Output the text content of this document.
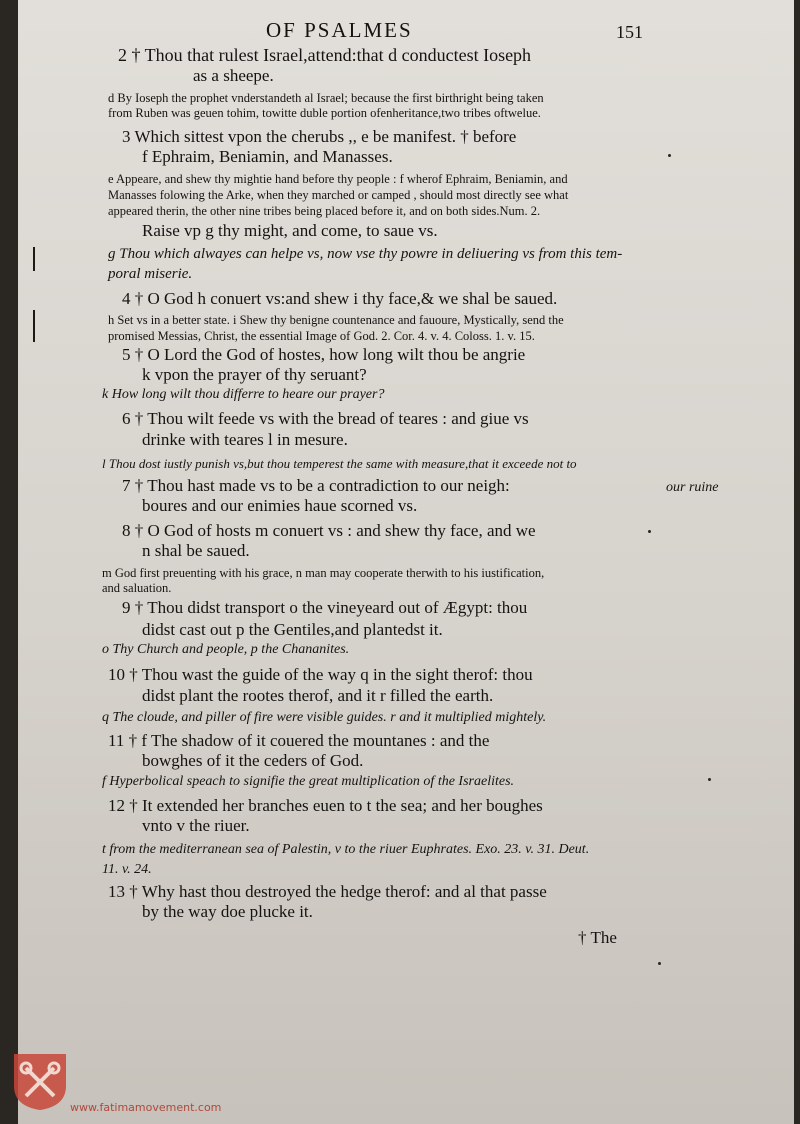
OF PSALMES	151
2 † Thou that rulest Israel,attend:that d conductest Ioseph
as a sheepe.
d By Ioseph the prophet vnderstandeth al Israel; because the first birthright being taken
from Ruben was geuen tohim, towitte duble portion ofenheritance,two tribes oftwelue.
3 Which sittest vpon the cherubs ,, e be manifest. † before
f Ephraim, Beniamin, and Manasses.
e Appeare, and shew thy mightie hand before thy people : f wherof Ephraim, Beniamin, and
Manasses folowing the Arke, when they marched or camped , should most directly see what
appeared therin, the other nine tribes being placed before it, and on both sides.Num. 2.
Raise vp g thy might, and come, to saue vs.
g Thou which alwayes can helpe vs, now vse thy powre in deliuering vs from this tem-
poral miserie.
4 † O God h conuert vs:and shew i thy face,& we shal be saued.
h Set vs in a better state. i Shew thy benigne countenance and fauoure, Mystically, send the
promised Messias, Christ, the essential Image of God. 2. Cor. 4. v. 4. Coloss. 1. v. 15.
5 † O Lord the God of hostes, how long wilt thou be angrie
k vpon the prayer of thy seruant?
k How long wilt thou differre to heare our prayer?
6 † Thou wilt feede vs with the bread of teares : and giue vs
drinke with teares l in mesure.
l Thou dost iustly punish vs,but thou temperest the same with measure,that it exceede not to
7 † Thou hast made vs to be a contradiction to our neigh:	our ruine
boures and our enimies haue scorned vs.
8 † O God of hosts m conuert vs : and shew thy face, and we
n shal be saued.
m God first preuenting with his grace, n man may cooperate therwith to his iustification,
and saluation.
9 † Thou didst transport o the vineyeard out of Ægypt: thou
didst cast out p the Gentiles,and plantedst it.
o Thy Church and people, p the Chananites.
10 † Thou wast the guide of the way q in the sight therof: thou
didst plant the rootes therof, and it r filled the earth.
q The cloude, and piller of fire were visible guides. r and it multiplied mightely.
11 † f The shadow of it couered the mountanes : and the
bowghes of it the ceders of God.
f Hyperbolical speach to signifie the great multiplication of the Israelites.
12 † It extended her branches euen to t the sea; and her boughes
vnto v the riuer.
t from the mediterranean sea of Palestin, v to the riuer Euphrates. Exo. 23. v. 31. Deut.
11. v. 24.
13 † Why hast thou destroyed the hedge therof: and al that passe
by the way doe plucke it.
† The
www.fatimamovement.com
